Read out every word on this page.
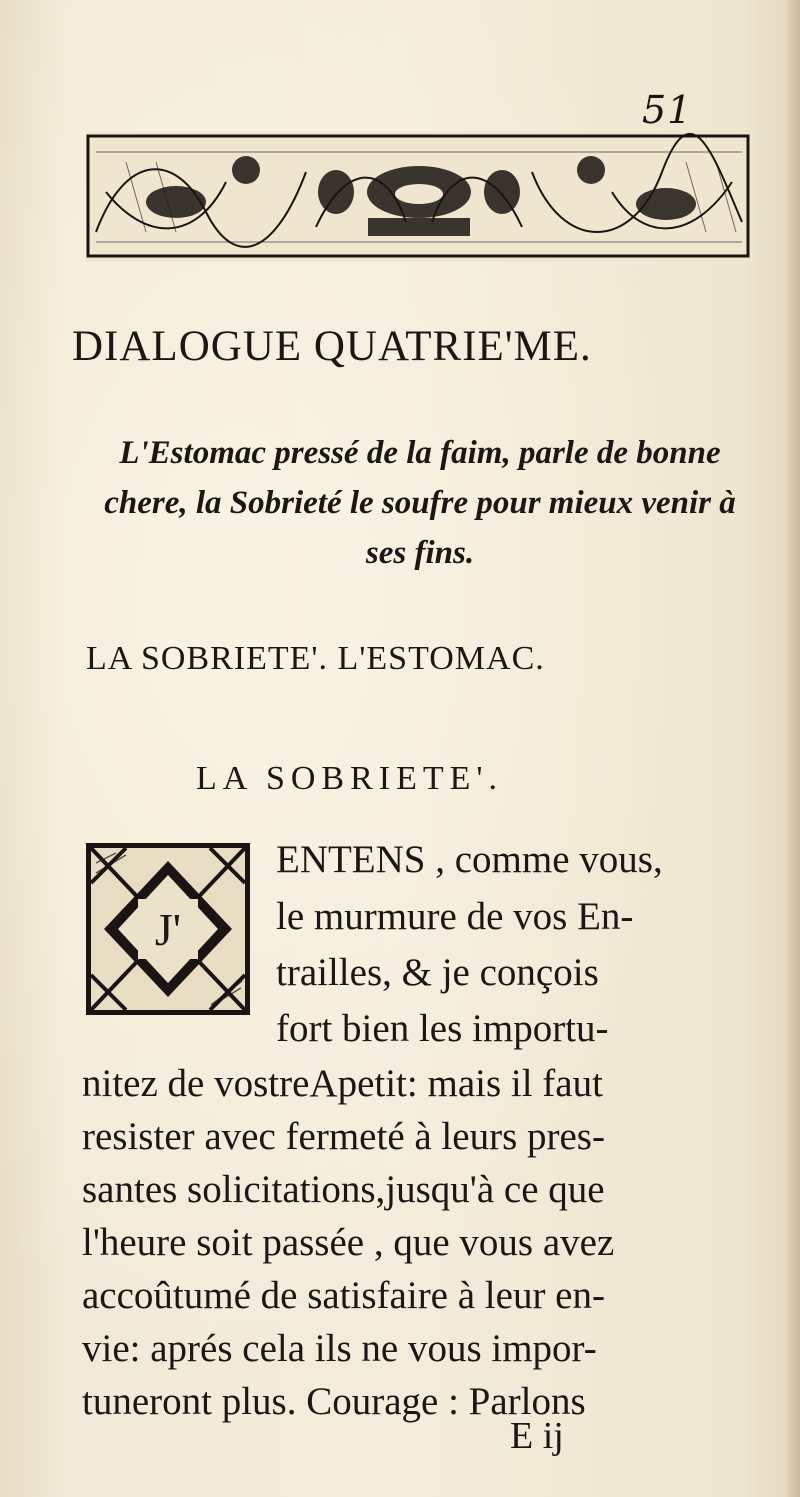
51
DIALOGUE QUATRIE'ME.
L'Estomac pressé de la faim, parle de bonne chere, la Sobrieté le soufre pour mieux venir à ses fins.
LA SOBRIETE'. L'ESTOMAC.
LA SOBRIETE'.
J'
ENTENS , comme vous,
le murmure de vos En-
trailles, & je conçois
fort bien les importu-
nitez de vostreApetit: mais il faut
resister avec fermeté à leurs pres-
santes solicitations,jusqu'à ce que
l'heure soit passée , que vous avez
accoûtumé de satisfaire à leur en-
vie: aprés cela ils ne vous impor-
tuneront plus. Courage : Parlons
E ij
